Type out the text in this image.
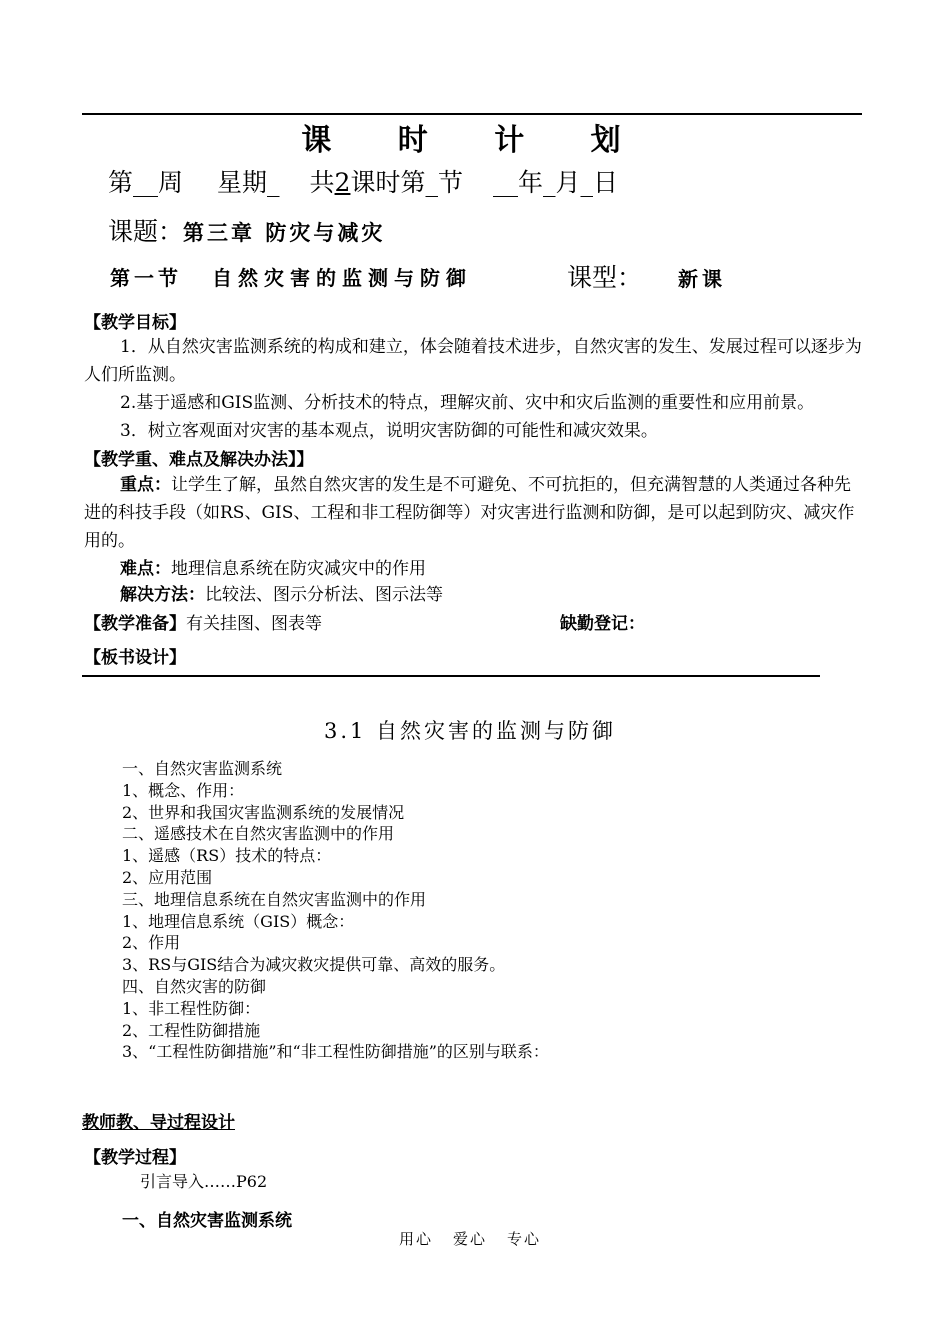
课 时 计 划
第__周 星期_ 共2课时第_节 __年_月_日
课题：第三章 防灾与减灾
第一节 自然灾害的监测与防御	课型： 新课
【教学目标】
1．从自然灾害监测系统的构成和建立，体会随着技术进步，自然灾害的发生、发展过程可以逐步为人们所监测。
2.基于遥感和GIS监测、分析技术的特点，理解灾前、灾中和灾后监测的重要性和应用前景。
3．树立客观面对灾害的基本观点，说明灾害防御的可能性和减灾效果。
【教学重、难点及解决办法】】
重点：让学生了解，虽然自然灾害的发生是不可避免、不可抗拒的，但充满智慧的人类通过各种先进的科技手段（如RS、GIS、工程和非工程防御等）对灾害进行监测和防御，是可以起到防灾、减灾作用的。
难点：地理信息系统在防灾减灾中的作用
解决方法：比较法、图示分析法、图示法等
【教学准备】有关挂图、图表等	缺勤登记：
【板书设计】
3.1 自然灾害的监测与防御
一、自然灾害监测系统
1、概念、作用：
2、世界和我国灾害监测系统的发展情况
二、遥感技术在自然灾害监测中的作用
1、遥感（RS）技术的特点：
2、应用范围
三、地理信息系统在自然灾害监测中的作用
1、地理信息系统（GIS）概念：
2、作用
3、RS与GIS结合为减灾救灾提供可靠、高效的服务。
四、自然灾害的防御
1、非工程性防御：
2、工程性防御措施
3、“工程性防御措施”和“非工程性防御措施”的区别与联系：
教师教、导过程设计
【教学过程】
引言导入……P62
一、自然灾害监测系统
用心 爱心 专心
